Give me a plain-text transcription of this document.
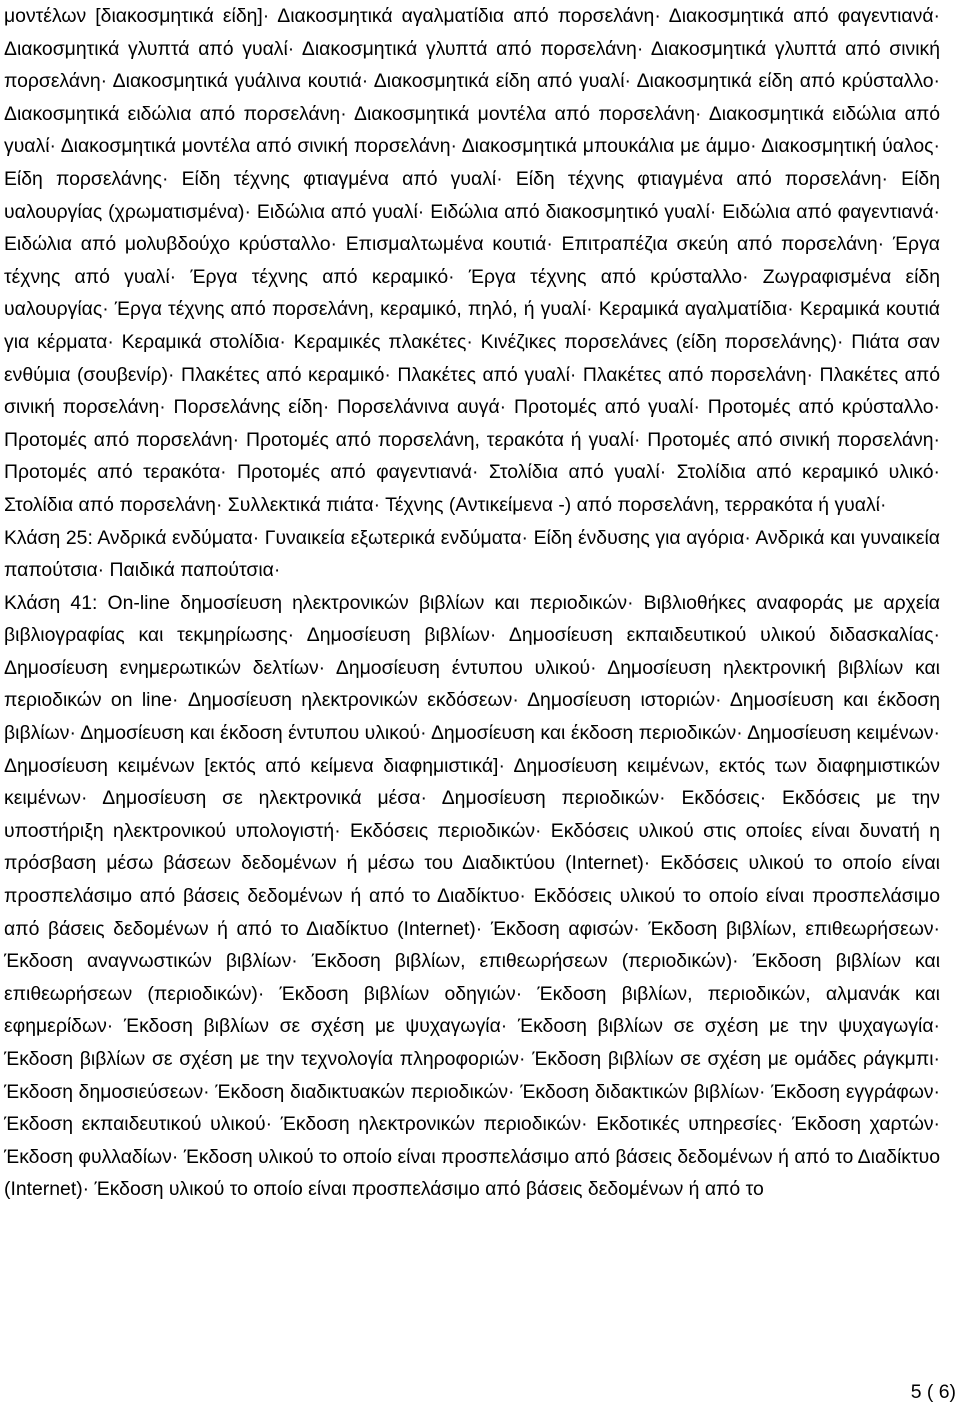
μοντέλων [διακοσμητικά είδη]· Διακοσμητικά αγαλματίδια από πορσελάνη· Διακοσμητικά από φαγεντιανά· Διακοσμητικά γλυπτά από γυαλί· Διακοσμητικά γλυπτά από πορσελάνη· Διακοσμητικά γλυπτά από σινική πορσελάνη· Διακοσμητικά γυάλινα κουτιά· Διακοσμητικά είδη από γυαλί· Διακοσμητικά είδη από κρύσταλλο· Διακοσμητικά ειδώλια από πορσελάνη· Διακοσμητικά μοντέλα από πορσελάνη· Διακοσμητικά ειδώλια από γυαλί· Διακοσμητικά μοντέλα από σινική πορσελάνη· Διακοσμητικά μπουκάλια με άμμο· Διακοσμητική ύαλος· Είδη πορσελάνης· Είδη τέχνης φτιαγμένα από γυαλί· Είδη τέχνης φτιαγμένα από πορσελάνη· Είδη υαλουργίας (χρωματισμένα)· Ειδώλια από γυαλί· Ειδώλια από διακοσμητικό γυαλί· Ειδώλια από φαγεντιανά· Ειδώλια από μολυβδούχο κρύσταλλο· Επισμαλτωμένα κουτιά· Επιτραπέζια σκεύη από πορσελάνη· Έργα τέχνης από γυαλί· Έργα τέχνης από κεραμικό· Έργα τέχνης από κρύσταλλο· Ζωγραφισμένα είδη υαλουργίας· Έργα τέχνης από πορσελάνη, κεραμικό, πηλό, ή γυαλί· Κεραμικά αγαλματίδια· Κεραμικά κουτιά για κέρματα· Κεραμικά στολίδια· Κεραμικές πλακέτες· Κινέζικες πορσελάνες (είδη πορσελάνης)· Πιάτα σαν ενθύμια (σουβενίρ)· Πλακέτες από κεραμικό· Πλακέτες από γυαλί· Πλακέτες από πορσελάνη· Πλακέτες από σινική πορσελάνη· Πορσελάνης είδη· Πορσελάνινα αυγά· Προτομές από γυαλί· Προτομές από κρύσταλλο· Προτομές από πορσελάνη· Προτομές από πορσελάνη, τερακότα ή γυαλί· Προτομές από σινική πορσελάνη· Προτομές από τερακότα· Προτομές από φαγεντιανά· Στολίδια από γυαλί· Στολίδια από κεραμικό υλικό· Στολίδια από πορσελάνη· Συλλεκτικά πιάτα· Τέχνης (Αντικείμενα -) από πορσελάνη, τερρακότα ή γυαλί·

Κλάση 25: Ανδρικά ενδύματα· Γυναικεία εξωτερικά ενδύματα· Είδη ένδυσης για αγόρια· Ανδρικά και γυναικεία παπούτσια· Παιδικά παπούτσια·

Κλάση 41: On-line δημοσίευση ηλεκτρονικών βιβλίων και περιοδικών· Βιβλιοθήκες αναφοράς με αρχεία βιβλιογραφίας και τεκμηρίωσης· Δημοσίευση βιβλίων· Δημοσίευση εκπαιδευτικού υλικού διδασκαλίας· Δημοσίευση ενημερωτικών δελτίων· Δημοσίευση έντυπου υλικού· Δημοσίευση ηλεκτρονική βιβλίων και περιοδικών on line· Δημοσίευση ηλεκτρονικών εκδόσεων· Δημοσίευση ιστοριών· Δημοσίευση και έκδοση βιβλίων· Δημοσίευση και έκδοση έντυπου υλικού· Δημοσίευση και έκδοση περιοδικών· Δημοσίευση κειμένων· Δημοσίευση κειμένων [εκτός από κείμενα διαφημιστικά]· Δημοσίευση κειμένων, εκτός των διαφημιστικών κειμένων· Δημοσίευση σε ηλεκτρονικά μέσα· Δημοσίευση περιοδικών· Εκδόσεις· Εκδόσεις με την υποστήριξη ηλεκτρονικού υπολογιστή· Εκδόσεις περιοδικών· Εκδόσεις υλικού στις οποίες είναι δυνατή η πρόσβαση μέσω βάσεων δεδομένων ή μέσω του Διαδικτύου (Internet)· Εκδόσεις υλικού το οποίο είναι προσπελάσιμο από βάσεις δεδομένων ή από το Διαδίκτυο· Εκδόσεις υλικού το οποίο είναι προσπελάσιμο από βάσεις δεδομένων ή από το Διαδίκτυο (Internet)· Έκδοση αφισών· Έκδοση βιβλίων, επιθεωρήσεων· Έκδοση αναγνωστικών βιβλίων· Έκδοση βιβλίων, επιθεωρήσεων (περιοδικών)· Έκδοση βιβλίων και επιθεωρήσεων (περιοδικών)· Έκδοση βιβλίων οδηγιών· Έκδοση βιβλίων, περιοδικών, αλμανάκ και εφημερίδων· Έκδοση βιβλίων σε σχέση με ψυχαγωγία· Έκδοση βιβλίων σε σχέση με την ψυχαγωγία· Έκδοση βιβλίων σε σχέση με την τεχνολογία πληροφοριών· Έκδοση βιβλίων σε σχέση με ομάδες ράγκμπι· Έκδοση δημοσιεύσεων· Έκδοση διαδικτυακών περιοδικών· Έκδοση διδακτικών βιβλίων· Έκδοση εγγράφων· Έκδοση εκπαιδευτικού υλικού· Έκδοση ηλεκτρονικών περιοδικών· Εκδοτικές υπηρεσίες· Έκδοση χαρτών· Έκδοση φυλλαδίων· Έκδοση υλικού το οποίο είναι προσπελάσιμο από βάσεις δεδομένων ή από το Διαδίκτυο (Internet)· Έκδοση υλικού το οποίο είναι προσπελάσιμο από βάσεις δεδομένων ή από το

5 ( 6)
